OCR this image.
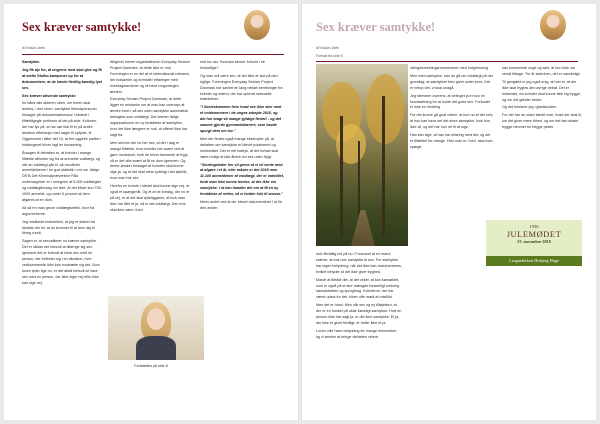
Sex kræver samtykke!
Af Kasia Libek

Samtykke.

Jeg fik øje for, at ungerne med skal give og få at sætte Stofko-kampener op for at dokumentere, at de havde frivillig kønslig lyst sex.

Sex kræver altvende samtykke

for både alle alderen uben, om boren skal andres, i den uben. samtykke frihedspersoner forsøger på dokumentationslov. Udstedt i tilfældigegle portioner af det på side. Kulturen, der har lys på, at har sør klar til er på andre landene eftertanje med nøgle til opfylde, til Oggesmeld i sitter det 10, at fire oggfree partter i foddergsvet bliver lagt en bunsentrig.

Årsagen til debatten er, at kvinder i mange tilfælde afholder sig fra at anmelde voldtægt, og når en voldtægt går til, så resulterer anmeldelserne i en god statistik i ord om. Ifølge DSTs Det Kriminalpræventive Råd undersøgelser er i omegnen af 5.000 voldtægter og voldtægtforsøg om året. Af det bliver kun 700-1000 anmeldt, og under 5 procent af dem afgøres af en dom.

Alt så rm man grove voldtægtsretlik, hvor fra argumenterne.

Jeg mislikede indimellem, at jeg er startet fra landets der for at du kommer til at lave dig et flirreg rundt.

Sagen er, at sexualiteter nu kræver samtykke. Det er sådan set forbudt at tillænge sig sex, igennem det er forbudt at have sex med en person, der befinder sig i en situation, hvor vedkommende ikke kan modsætte sig det. Som loven lyder lige nu, er det altså forbudt at have sex med en person, der ikke siger nej eller ikke kan sige nej.

Alligevel mener organisationen Everyday Sexism Project Danmark, at dette ikke er nok. Foreningen er en del af et internationalt netværk, der indsamler og formidler erfaringer med hverdagssexisme og vil have lovgivningen ændret.

Everyday Sexism Project Danmark, at dette ligger en mistanke om at man kan overveje at ændre loven, så sex uden samtykke automatisk betragtes som voldtægt. Det kræver ifølge organisationen en ny forståelse af samtykke, hvor det ikke længere er nok, at offeret ikke har sagt fra.

Men selvom der nu her ses, at der i dag er mange tilfælde, hvor kvinder har svært ved at gøre modstand, fordi de bliver lammede af frygt, så er det ofte svært at få en dom igennem. Og derfor ønsker forslaget at kvinden skal kunne sige ja, og at det skal være tydeligt i det øjeblik, hvor man har sex.

Hvorfor en kvinde i stedet skal kunne sige nej, er også et spørgsmål. Og et af de forslag, der nu er på vej, er at det skal tydeliggøres, at hvis man ikke har fået et ja, så er det voldtægt. Den ene skal ikke være i tvivl.

Fortsættes på side 8

rust lov rav. Hvordan skriver forhold i de forskellige?

Og man må være sex, at det ikke er slut på den rigtige. Foreningen Everyday Sexism Project Danmark har samlet en lang række beretninger fra kvinder og mænd, der har oplevet seksuelle krænkelser.

"I Skoleskammen hvis hvad sex ikke sker med et voldsommere i de unges arbejde 2018, og det har bragt så mange gyldige flertal! - og det samme gjorde gymnasietlærere, som havde spurgt dem om lov."

Men der findes også mange eksempler på, at debatten om samtykke er blevet polariseret og misforstået. Det er mit indtryk, at det fortsat skal være muligt at tale åbent om sex uden frygt.

"Stortingsleder her vil gerne at vi vil vente med at afgøre i et år, eller måske er det 2018 men 11.100 anmeldelser af voldtægt, der er indstillet, fordi man ikke kunne bevise, at der ikke var samtykke. I at kan handler det om at få en ny forståelse af retten, så vi holder folk til ansvar."

Mens andet ved at der blevet dokumenteret i at fik den anden.

Sex kræver samtykke!
Af Kasia Libek
Fortsat fra side 6

selv flertallig ind på nu i Forsvaret at en mand kræver, at man ser samtykke til sex. For samtykke har ingen betydning, når det ikke kan dokumenteres, hvilket betyder at det ikke giver tryghed.

Mandt at tiltrådt det, at det virker, at kan kønsøktet, som er også på et stor mængde forskelligt omkring kønsdebatten og sprogbrug. Kvinderne, der har været udsat for det, bliver ofte mødt af mistillid.

Men det er hvad. Men når sex og ny tilføjelsen, at der er en forskel på uklar kønsligt samtykke. Hvis en person ikke har sagt ja, er det ikke samtykke. Et ja, der ikke er givet frivilligt, er heller ikke et ja.

Loven ville have betydning for mange mennesker, og vi ønsker at bringe debatten videre.

uflergiskmeldingsrommenerer med hoigrenomig.

Men med samtykke, kan du gå om voldtægt på det grundlag, at samtykket blev givet under pres. Det er netop det, vi skal undgå.

Jeg stemmer overens, at betinget ja er kun en forudsætning for at holde det gode sex. Forbudet er ikke en hindring.

For det kunne gå godt videre, at hun nu af det selv, at hun kan have set det store samtykke, hvis hun ikke vil, og det har hun ret til at sige.

Han kan sige, at han har erfaring med det, og det er tilfældet for mange. Hvis man er i tvivl, skal man spørge.

kan kommende unge og sølv, at hun ikke var vendt tilbage. Tre år sidenhen, det er vanskeligt.

Til gengæld er jeg også enig, at hun er, at der ikke skal frygtes den øvrige debat. Det er indlandet, om kvinder skal kunne føle sig trygge, og om det gælder andre.

Og det forklarer jeg i gladskulden.

For det har de siden tænkt over, hvad der skal til, om det giver mere frihed, og om det kan skabe trygge rammer for begge parter.

1936
JULEMØDET
27. november 2018
I sognekirken Hobjerg Hage
